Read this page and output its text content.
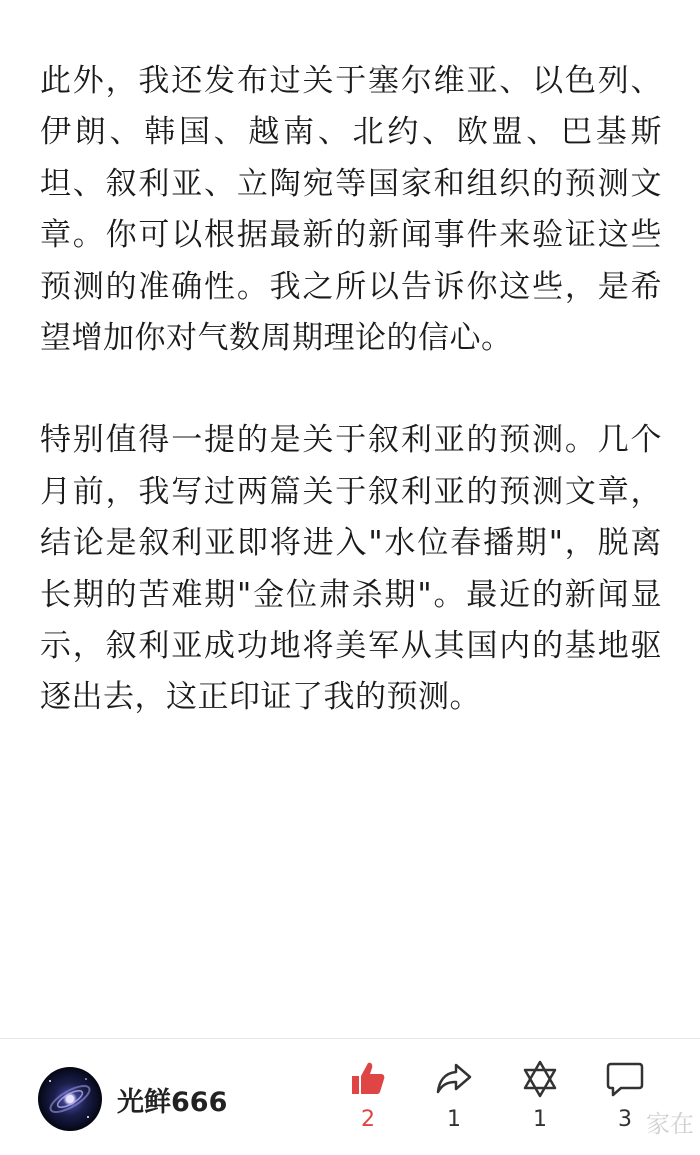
此外，我还发布过关于塞尔维亚、以色列、伊朗、韩国、越南、北约、欧盟、巴基斯坦、叙利亚、立陶宛等国家和组织的预测文章。你可以根据最新的新闻事件来验证这些预测的准确性。我之所以告诉你这些，是希望增加你对气数周期理论的信心。

特别值得一提的是关于叙利亚的预测。几个月前，我写过两篇关于叙利亚的预测文章，结论是叙利亚即将进入"水位春播期"，脱离长期的苦难期"金位肃杀期"。最近的新闻显示，叙利亚成功地将美军从其国内的基地驱逐出去，这正印证了我的预测。

光鲜666
2	1	1	3 家在
